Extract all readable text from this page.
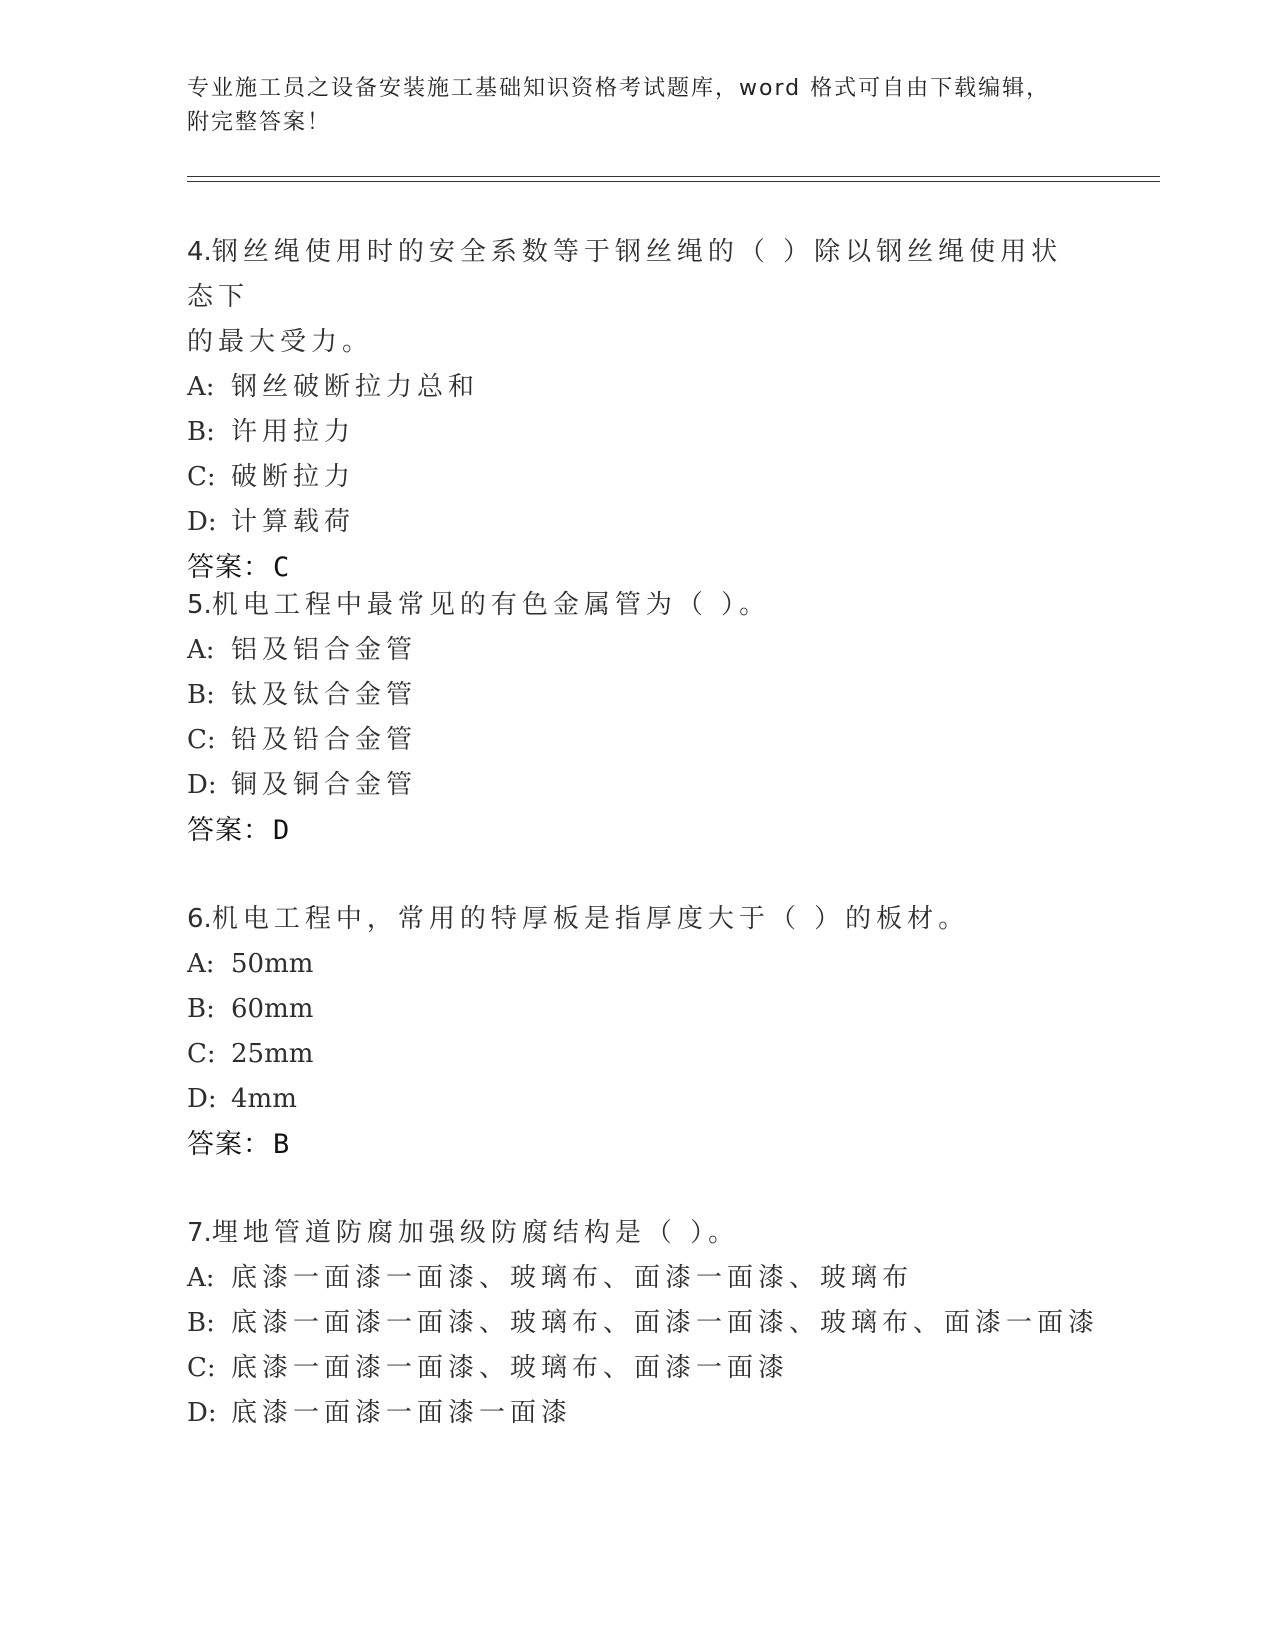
专业施工员之设备安装施工基础知识资格考试题库，word 格式可自由下载编辑，
附完整答案！
4.钢丝绳使用时的安全系数等于钢丝绳的（ ）除以钢丝绳使用状态下
的最大受力。
A: 钢丝破断拉力总和
B: 许用拉力
C: 破断拉力
D: 计算载荷
答案：C
5.机电工程中最常见的有色金属管为（ ）。
A: 铝及铝合金管
B: 钛及钛合金管
C: 铅及铅合金管
D: 铜及铜合金管
答案：D
6.机电工程中，常用的特厚板是指厚度大于（ ）的板材。
A: 50mm
B: 60mm
C: 25mm
D: 4mm
答案：B
7.埋地管道防腐加强级防腐结构是（ ）。
A: 底漆一面漆一面漆、玻璃布、面漆一面漆、玻璃布
B: 底漆一面漆一面漆、玻璃布、面漆一面漆、玻璃布、面漆一面漆
C: 底漆一面漆一面漆、玻璃布、面漆一面漆
D: 底漆一面漆一面漆一面漆
